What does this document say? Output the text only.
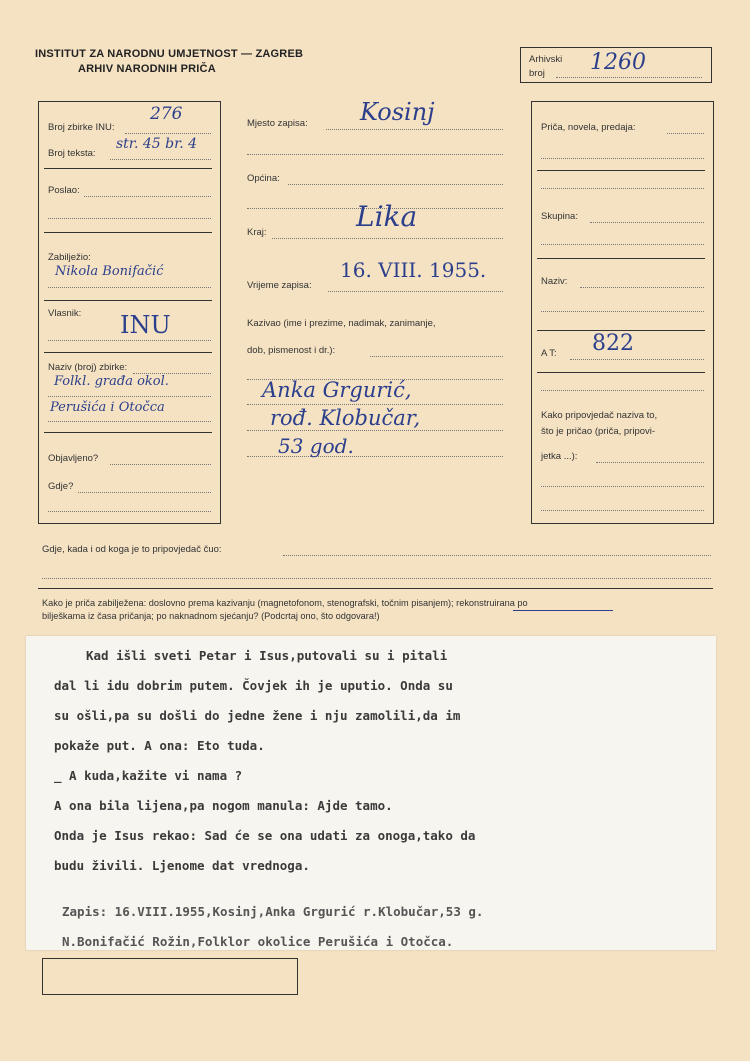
INSTITUT ZA NARODNU UMJETNOST — ZAGREB
ARHIV NARODNIH PRIČA
Arhivski
broj 1260
Broj zbirke INU:
276
Broj teksta:
str. 45 br. 4
Poslao:
Zabilježio:
Nikola Bonifačić
Vlasnik: INU
Naziv (broj) zbirke:
Folkl. građa okol.
Perušića i Otočca
Objavljeno?
Gdje?
Mjesto zapisa: Kosinj
Općina:
Kraj:	Lika
Vrijeme zapisa:
16. VIII. 1955.
Kazivao (ime i prezime, nadimak, zanimanje,
dob, pismenost i dr.):
Anka Grgurić,
rođ. Klobučar,
53 god.
Priča, novela, predaja:
Skupina:
Naziv:
A T: 822
Kako pripovjedač naziva to,
što je pričao (priča, pripovi-
jetka ...):
Gdje, kada i od koga je to pripovjedač čuo:
Kako je priča zabilježena: doslovno prema kazivanju (magnetofonom, stenografski, točnim pisanjem); rekonstruirana po
bilješkama iz časa pričanja; po naknadnom sjećanju? (Podcrtaj ono, što odgovara!)
Kad išli sveti Petar i Isus,putovali su i pitali
dal li idu dobrim putem. Čovjek ih je uputio. Onda su
su ošli,pa su došli do jedne žene i nju zamolili,da im
pokaže put. A ona: Eto tuda.
_ A kuda,kažite vi nama ?
A ona bila lijena,pa nogom manula: Ajde tamo.
Onda je Isus rekao: Sad će se ona udati za onoga,tako da
budu živili. Ljenome dat vrednoga.
Zapis: 16.VIII.1955,Kosinj,Anka Grgurić r.Klobučar,53 g.
N.Bonifačić Rožin,Folklor okolice Perušića i Otočca.
